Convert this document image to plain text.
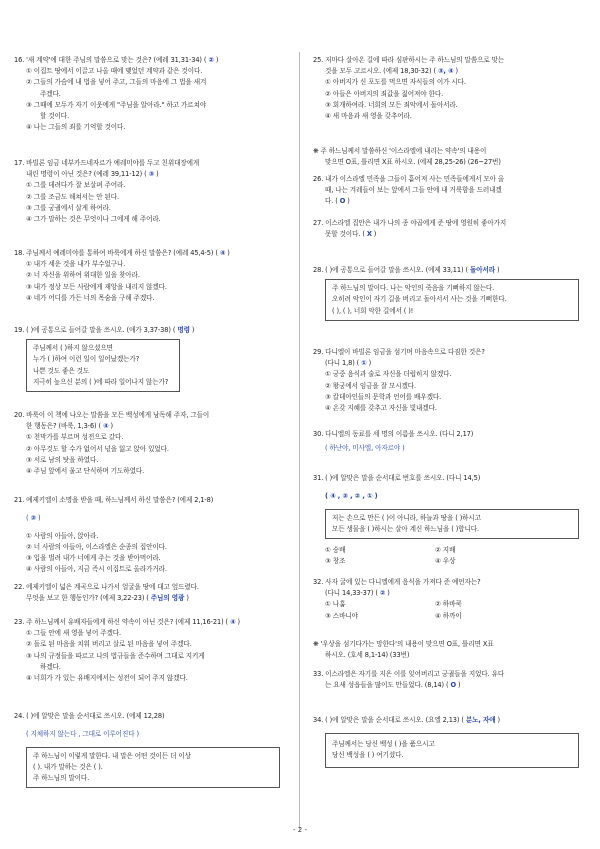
16. '새 계약'에 대한 주님의 말씀으로 맞는 것은? (예레 31,31-34) ( ② )

① 이집트 땅에서 이끌고 나올 때에 맺었던 계약과 같은 것이다.

② 그들의 가슴에 내 법을 넣어 주고, 그들의 마음에 그 법을 새겨

주겠다.

③ 그때에 모두가 자기 이웃에게 "주님을 알아라." 하고 가르쳐야

할 것이다.

④ 나는 그들의 죄를 기억할 것이다.

17. 바빌론 임금 네부카드네자르가 예레미야를 두고 친위대장에게

내린 명령이 아닌 것은? (예레 39,11-12) ( ③ )

① 그를 데려다가 잘 보살펴 주어라.

② 그를 조금도 해쳐서는 안 된다.

③ 그를 궁궐에서 살게 하여라.

④ 그가 말하는 것은 무엇이나 그에게 해 주어라.

18. 주님께서 예레미야를 통하여 바룩에게 하신 말씀은? (예레 45,4-5) ( ④ )

① 내가 세운 것을 내가 부수었구나.

② 너 자신을 위하여 위대한 일을 찾아라.

③ 내가 정상 모든 사람에게 재앙을 내리지 않겠다.

④ 네가 어디를 가든 너의 목숨을 구해 주겠다.

19. ( )에 공통으로 들어갈 말을 쓰시오. (애가 3,37-38) ( 명령 )

주님께서 ( )하지 않으셨으면

누가 ( )하여 이런 일이 일어났겠는가?

나쁜 것도 좋은 것도

지극히 높으신 분의 ( )에 따라 일어나지 않는가?

20. 바룩이 이 책에 나오는 말씀을 모든 백성에게 낭독해 주자, 그들이

한 행동은? (바룩, 1,3-6) ( ④ )

① 천막가를 부르며 성전으로 갔다.

② 아무것도 할 수가 없어서 넋을 잃고 앉아 있었다.

③ 서로 남의 탓을 하였다.

④ 주님 앞에서 울고 단식하며 기도하였다.

21. 예제키엘이 소명을 받을 때, 하느님께서 하신 말씀은? (에제 2,1-8)

( ③ )

① 사람의 아들아, 앉아라.

② 너 사람의 아들아, 이스라엘은 순종의 집안이다.

③ 입을 벌려 내가 너에게 주는 것을 받아먹어라.

④ 사람의 아들아, 지금 즉시 이집트로 올라가거라.

22. 에제키엘이 넓은 계곡으로 나가서 얼굴을 땅에 대고 엎드렸다.

무엇을 보고 한 행동인가? (에제 3,22-23) ( 주님의 영광 )

23. 주 하느님께서 유배자들에게 하신 약속이 아닌 것은? (에제 11,16-21) ( ④ )

① 그들 안에 새 영을 넣어 주겠다.

② 돌로 된 마음을 치워 버리고 살로 된 마음을 넣어 주겠다.

③ 나의 규정들을 따르고 나의 법규들을 준수하며 그대로 지키게

하겠다.

④ 너희가 가 있는 유배지에서는 성전이 되어 주지 않겠다.

24. ( )에 알맞은 말을 순서대로 쓰시오. (에제 12,28)

( 지체하지 않는다 , 그대로 이루어진다 )

주 하느님이 이렇게 말한다. 내 말은 어떤 것이든 더 이상

( ). 내가 말하는 것은 ( ).

주 하느님의 말이다.

25. 저마다 살아온 길에 따라 심판하시는 주 하느님의 말씀으로 맞는

것을 모두 고르시오. (에제 18,30-32) ( ③, ④ )

① 아버지가 신 포도를 먹으면 자식들의 이가 시다.

② 아들은 아버지의 죄값을 짊어져야 한다.

③ 회개하여라. 너희의 모든 죄악에서 돌아서라.

④ 새 마음과 새 영을 갖추어라.

❋ 주 하느님께서 말씀하신 '이스라엘에 내리는 약속'의 내용이

맞으면 O표, 틀리면 X표 하시오. (에제 28,25-26) (26~27번)

26. 내가 이스라엘 민족을 그들이 흩어져 사는 민족들에게서 모아 올

때, 나는 겨레들이 보는 앞에서 그들 안에 내 거룩함을 드러내겠

다. ( O )

27. 이스라엘 집안은 내가 나의 종 야곱에게 준 땅에 영원히 좋아가지

못할 것이다. ( X )

28. ( )에 공통으로 들어갈 말을 쓰시오. (에제 33,11) ( 돌아서라 )

주 하느님의 말이다. 나는 악인의 죽음을 기뻐하지 않는다.

오히려 악인이 자기 길을 버리고 돌아서서 사는 것을 기뻐한다.

( ), ( ), 너희 악한 길에서 ( )!

29. 다니엘이 바빌론 임금을 섬기며 마음속으로 다짐한 것은?

(다니 1,8) ( ① )

① 궁중 음식과 술로 자신을 더럽히지 않겠다.

② 왕궁에서 임금을 잘 모시겠다.

③ 칼데아인들의 문학과 언어를 배우겠다.

④ 온갖 지혜를 갖추고 자신을 빛내겠다.

30. 다니엘의 동료를 세 명의 이름을 쓰시오. (다니 2,17)

( 하난야, 미사엘, 아자르야 )

31. ( )에 알맞은 말을 순서대로 번호를 쓰시오. (다니 14,5)

( ④ , ③ , ② , ① )

저는 손으로 만든 ( )이 아니라, 하늘과 땅을 ( )하시고

모든 생물을 ( )하시는 살아 계신 하느님을 ( )합니다.

① 숭배	② 지배
③ 창조	④ 우상

32. 사자 굴에 있는 다니엘에게 음식을 가져다 준 예언자는?

(다니 14,33-37) ( ② )

① 나훔	② 하바쿡
③ 스바니야	④ 하까이

❋ '우상을 섬기다가는 망한다'의 내용이 맞으면 O표, 틀리면 X표

하시오. (호세 8,1-14) (33번)

33. 이스라엘은 자기를 지은 이를 잊어버리고 궁궐들을 지었다. 유다

는 요새 성읍들을 많이도 만들었다. (8,14) ( O )

34. ( )에 알맞은 말을 순서대로 쓰시오. (요엘 2,13) ( 분노, 자애 )

주님께서는 당신 백성 ( )을 품으시고

당신 백성을 ( ) 여기셨다.

- 2 -
